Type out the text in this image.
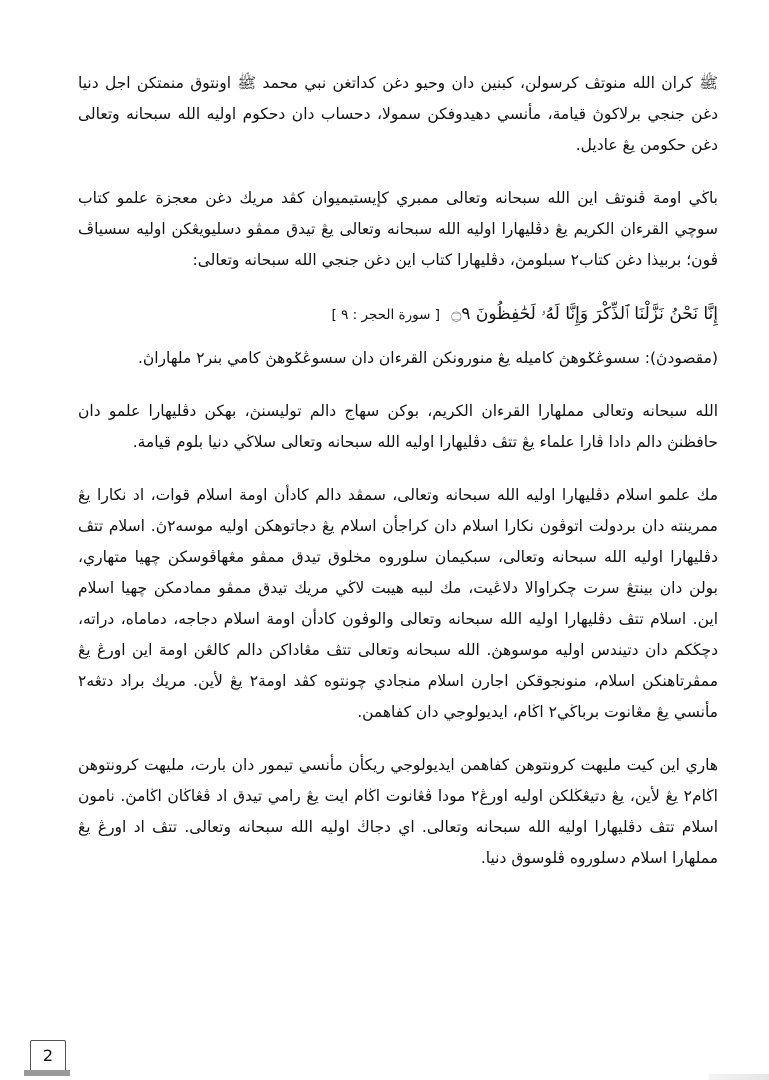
ﷺ كران الله منوتڤ كرسولن، كبنين دان وحيو دغن كداتغن نبي محمد ﷺ اونتوق منمتكن اجل دنيا دغن جنجي برلاكوڽ قيامة، مأنسي دهيدوفكن سمولا، دحساب دان دحكوم اوليه الله سبحانه وتعالى دغن حكومن يڠ عاديل.

باڬي اومة ڤنوتڤ اين الله سبحانه وتعالى ممبري كإيستيميوان كڤد مريك دغن معجزة علمو كتاب سوچي القرءان الكريم يڠ دڤليهارا اوليه الله سبحانه وتعالى يڠ تيدق ممڤو دسليويڠكن اوليه سسياڤ ڤون؛ بربيذا دغن كتاب٢ سبلومڽ، دڤليهارا كتاب اين دغن جنجي الله سبحانه وتعالى:

إِنَّا نَحْنُ نَزَّلْنَا ٱلذِّكْرَ وَإِنَّا لَهُۥ لَحَٰفِظُونَ ۝٩ [ سورة الحجر : ٩ ]

(مقصودڽ): سسوڠݢوهڽ كاميله يڠ منورونكن القرءان دان سسوڠݢوهڽ كامي بنر٢ ملهاراڽ.

الله سبحانه وتعالى مملهارا القرءان الكريم، بوكن سهاج دالم توليسنڽ، بهكن دڤليهارا علمو دان حافظنڽ دالم دادا ڤارا علماء يڠ تتڤ دڤليهارا اوليه الله سبحانه وتعالى سلاڬي دنيا بلوم قيامة.

مك علمو اسلام دڤليهارا اوليه الله سبحانه وتعالى، سمڤد دالم كادأن اومة اسلام قوات، اد نكارا يڠ ممرينته دان بردولت اتوڤون نكارا اسلام دان كراجأن اسلام يڠ دجاتوهكن اوليه موسه٢ڽ. اسلام تتڤ دڤليهارا اوليه الله سبحانه وتعالى، سبكيمان سلوروه مخلوق تيدق ممڤو مڠهاڤوسكن چهيا متهاري، بولن دان بينتڠ سرت چكراوالا دلاڠيت، مك لبيه هيبت لاڬي مريك تيدق ممڤو ممادمكن چهيا اسلام اين. اسلام تتڤ دڤليهارا اوليه الله سبحانه وتعالى والوڤون كادأن اومة اسلام دجاجه، دماماه، دراته، دچڬكم دان دتيندس اوليه موسوهڽ. الله سبحانه وتعالى تتڤ مڠاداكن دالم كالڠن اومة اين اورڠ يڠ ممڤرتاهنكن اسلام، منونجوقكن اجارن اسلام منجادي چونتوه كڤد اومة٢ يڠ لأين. مريك براد دتڠه٢ مأنسي يڠ مڠانوت برباڬي٢ اڬام، ايديولوجي دان كفاهمن.

هاري اين كيت مليهت كرونتوهن كفاهمن ايديولوجي ريكأن مأنسي تيمور دان بارت، مليهت كرونتوهن اڬام٢ يڠ لأين، يڠ دتيڠڬلكن اوليه اورڠ٢ مودا ڤڠانوت اڬام ايت يڠ رامي تيدق اد ڤڠاڬان اڬامڽ. نامون اسلام تتڤ دڤليهارا اوليه الله سبحانه وتعالى. اي دجاڬ اوليه الله سبحانه وتعالى. تتڤ اد اورڠ يڠ مملهارا اسلام دسلوروه ڤلوسوق دنيا.

2
